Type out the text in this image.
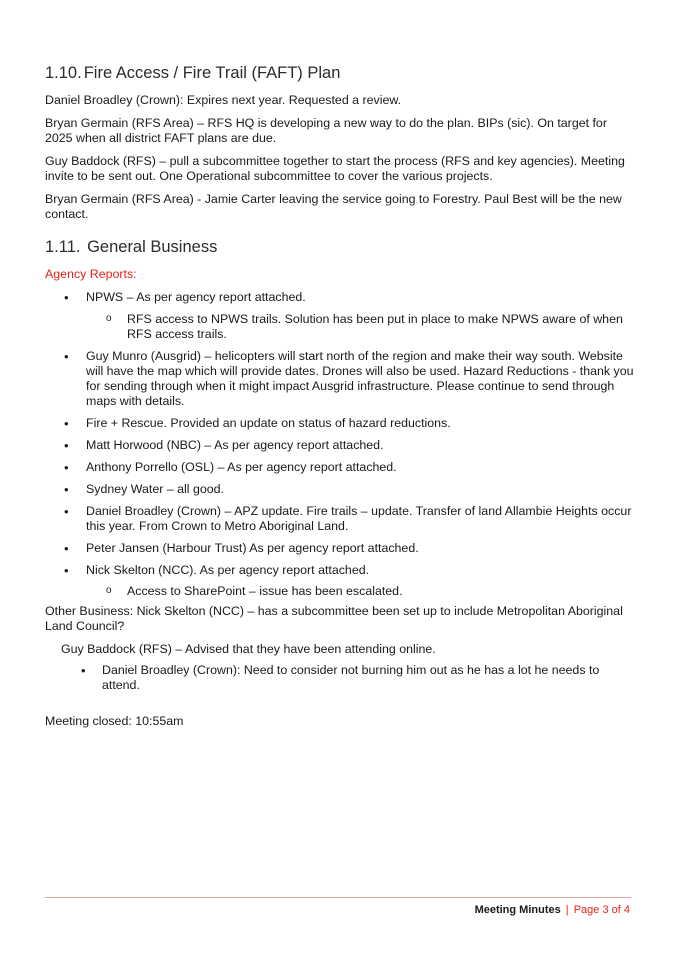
1.10. Fire Access / Fire Trail (FAFT) Plan

Daniel Broadley (Crown): Expires next year. Requested a review.

Bryan Germain (RFS Area) – RFS HQ is developing a new way to do the plan. BIPs (sic). On target for 2025 when all district FAFT plans are due.

Guy Baddock (RFS) – pull a subcommittee together to start the process (RFS and key agencies). Meeting invite to be sent out. One Operational subcommittee to cover the various projects.

Bryan Germain (RFS Area) - Jamie Carter leaving the service going to Forestry. Paul Best will be the new contact.

1.11. General Business

Agency Reports:

• NPWS – As per agency report attached.
o RFS access to NPWS trails. Solution has been put in place to make NPWS aware of when RFS access trails.
• Guy Munro (Ausgrid) – helicopters will start north of the region and make their way south. Website will have the map which will provide dates. Drones will also be used. Hazard Reductions - thank you for sending through when it might impact Ausgrid infrastructure. Please continue to send through maps with details.
• Fire + Rescue. Provided an update on status of hazard reductions.
• Matt Horwood (NBC) – As per agency report attached.
• Anthony Porrello (OSL) – As per agency report attached.
• Sydney Water – all good.
• Daniel Broadley (Crown) – APZ update. Fire trails – update. Transfer of land Allambie Heights occur this year. From Crown to Metro Aboriginal Land.
• Peter Jansen (Harbour Trust) As per agency report attached.
• Nick Skelton (NCC). As per agency report attached.
o Access to SharePoint – issue has been escalated.

Other Business: Nick Skelton (NCC) – has a subcommittee been set up to include Metropolitan Aboriginal Land Council?

Guy Baddock (RFS) – Advised that they have been attending online.

• Daniel Broadley (Crown): Need to consider not burning him out as he has a lot he needs to attend.

Meeting closed: 10:55am

Meeting Minutes | Page 3 of 4
